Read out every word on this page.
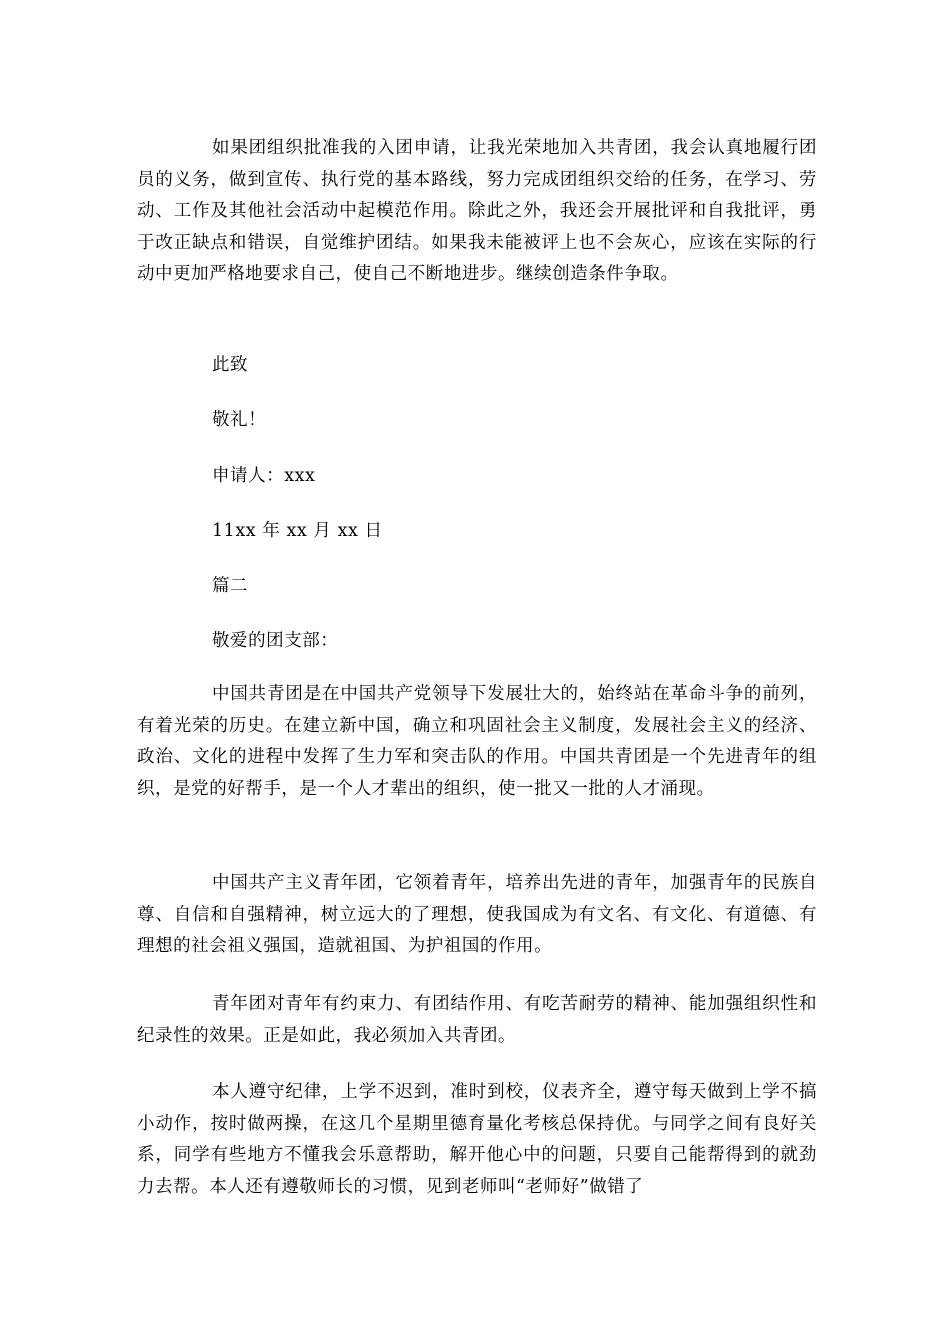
如果团组织批准我的入团申请，让我光荣地加入共青团，我会认真地履行团员的义务，做到宣传、执行党的基本路线，努力完成团组织交给的任务，在学习、劳动、工作及其他社会活动中起模范作用。除此之外，我还会开展批评和自我批评，勇于改正缺点和错误，自觉维护团结。如果我未能被评上也不会灰心，应该在实际的行动中更加严格地要求自己，使自己不断地进步。继续创造条件争取。

此致

敬礼！

申请人：xxx

11xx 年 xx 月 xx 日

篇二

敬爱的团支部：

中国共青团是在中国共产党领导下发展壮大的，始终站在革命斗争的前列，有着光荣的历史。在建立新中国，确立和巩固社会主义制度，发展社会主义的经济、政治、文化的进程中发挥了生力军和突击队的作用。中国共青团是一个先进青年的组织，是党的好帮手，是一个人才辈出的组织，使一批又一批的人才涌现。

中国共产主义青年团，它领着青年，培养出先进的青年，加强青年的民族自尊、自信和自强精神，树立远大的了理想，使我国成为有文名、有文化、有道德、有理想的社会祖义强国，造就祖国、为护祖国的作用。

青年团对青年有约束力、有团结作用、有吃苦耐劳的精神、能加强组织性和纪录性的效果。正是如此，我必须加入共青团。

本人遵守纪律，上学不迟到，准时到校，仪表齐全，遵守每天做到上学不搞小动作，按时做两操，在这几个星期里德育量化考核总保持优。与同学之间有良好关系，同学有些地方不懂我会乐意帮助，解开他心中的问题，只要自己能帮得到的就劲力去帮。本人还有遵敬师长的习惯，见到老师叫“老师好”做错了
